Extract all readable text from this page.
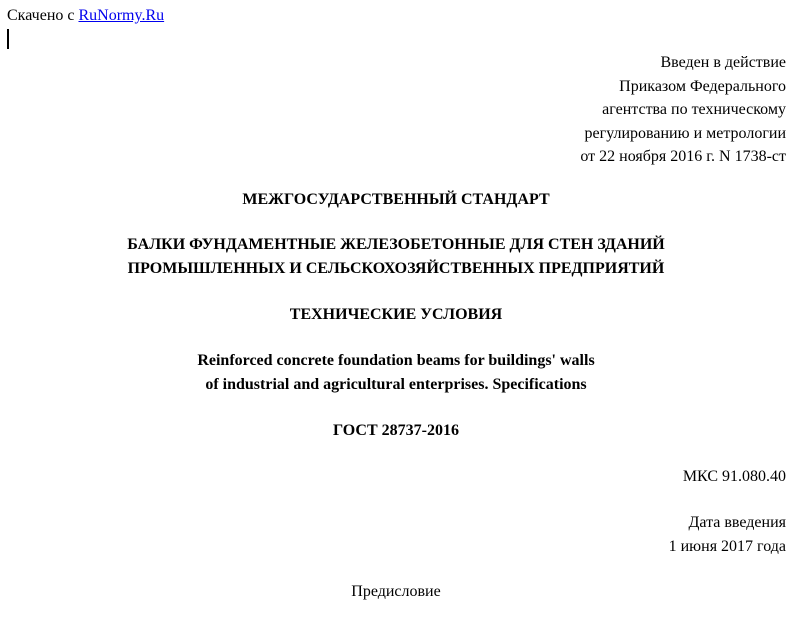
Скачено с RuNormy.Ru
Введен в действие
Приказом Федерального
агентства по техническому
регулированию и метрологии
от 22 ноября 2016 г. N 1738-ст
МЕЖГОСУДАРСТВЕННЫЙ СТАНДАРТ
БАЛКИ ФУНДАМЕНТНЫЕ ЖЕЛЕЗОБЕТОННЫЕ ДЛЯ СТЕН ЗДАНИЙ
ПРОМЫШЛЕННЫХ И СЕЛЬСКОХОЗЯЙСТВЕННЫХ ПРЕДПРИЯТИЙ
ТЕХНИЧЕСКИЕ УСЛОВИЯ
Reinforced concrete foundation beams for buildings' walls
of industrial and agricultural enterprises. Specifications
ГОСТ 28737-2016
МКС 91.080.40
Дата введения
1 июня 2017 года
Предисловие
